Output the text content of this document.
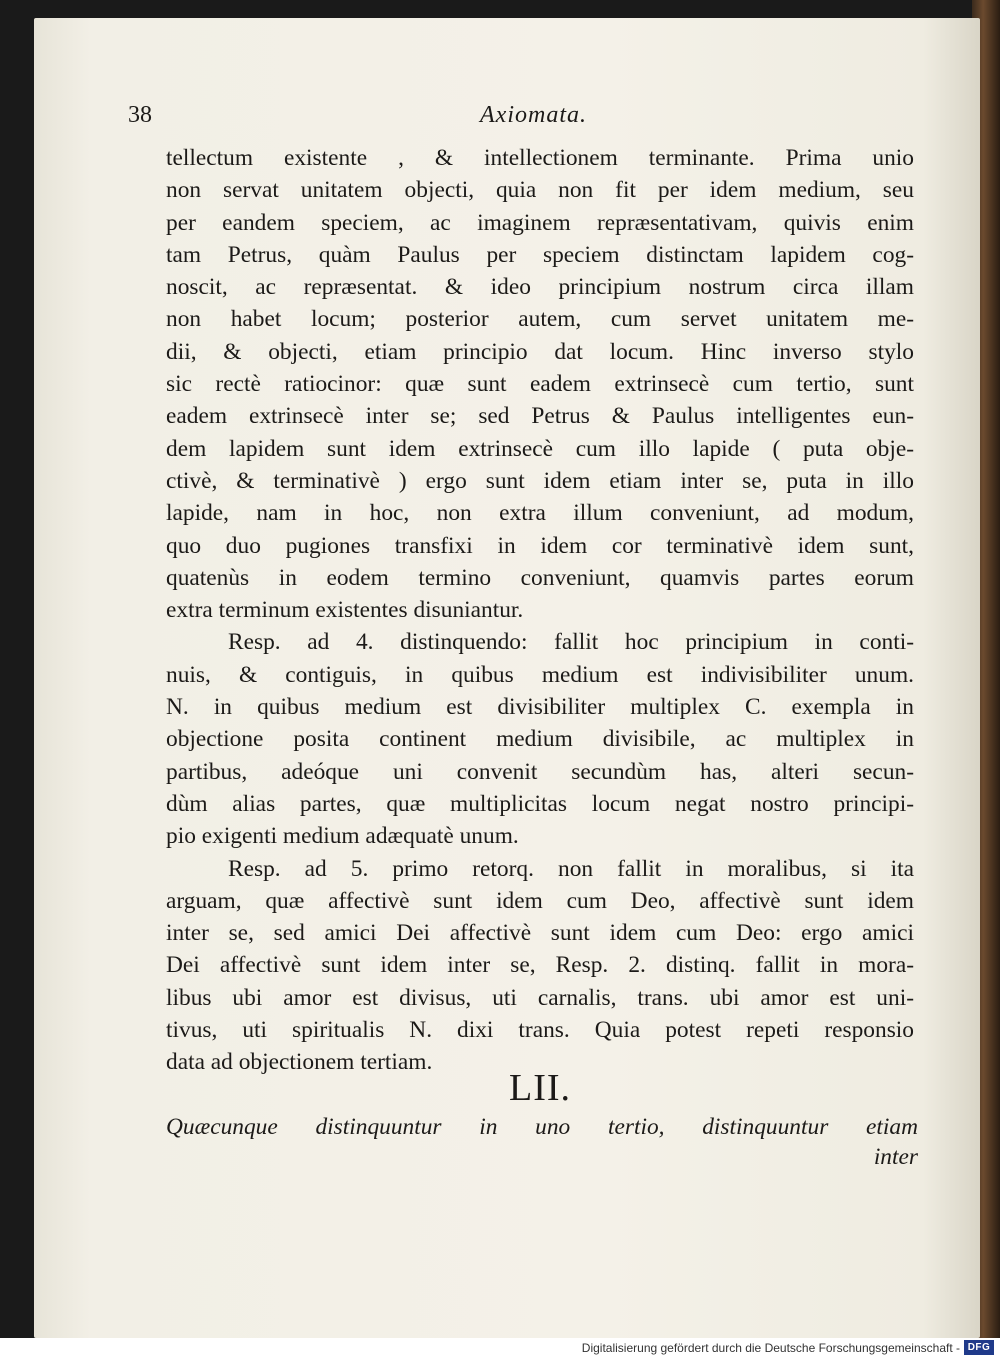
38	Axiomata.
tellectum existente , & intellectionem terminante. Prima unio
non servat unitatem objecti, quia non fit per idem medium, seu
per eandem speciem, ac imaginem repræsentativam, quivis enim
tam Petrus, quàm Paulus per speciem distinctam lapidem cog-
noscit, ac repræsentat. & ideo principium nostrum circa illam
non habet locum; posterior autem, cum servet unitatem me-
dii, & objecti, etiam principio dat locum. Hinc inverso stylo
sic rectè ratiocinor: quæ sunt eadem extrinsecè cum tertio, sunt
eadem extrinsecè inter se; sed Petrus & Paulus intelligentes eun-
dem lapidem sunt idem extrinsecè cum illo lapide ( puta obje-
ctivè, & terminativè ) ergo sunt idem etiam inter se, puta in illo
lapide, nam in hoc, non extra illum conveniunt, ad modum,
quo duo pugiones transfixi in idem cor terminativè idem sunt,
quatenùs in eodem termino conveniunt, quamvis partes eorum
extra terminum existentes disuniantur.
Resp. ad 4. distinquendo: fallit hoc principium in conti-
nuis, & contiguis, in quibus medium est indivisibiliter unum.
N. in quibus medium est divisibiliter multiplex C. exempla in
objectione posita continent medium divisibile, ac multiplex in
partibus, adeóque uni convenit secundùm has, alteri secun-
dùm alias partes, quæ multiplicitas locum negat nostro principi-
pio exigenti medium adæquatè unum.
Resp. ad 5. primo retorq. non fallit in moralibus, si ita
arguam, quæ affectivè sunt idem cum Deo, affectivè sunt idem
inter se, sed amici Dei affectivè sunt idem cum Deo: ergo amici
Dei affectivè sunt idem inter se, Resp. 2. distinq. fallit in mora-
libus ubi amor est divisus, uti carnalis, trans. ubi amor est uni-
tivus, uti spiritualis N. dixi trans. Quia potest repeti responsio
data ad objectionem tertiam.
LII.
Quæcunque distinquuntur in uno tertio, distinquuntur etiam
inter
Digitalisierung gefördert durch die Deutsche Forschungsgemeinschaft - DFG
